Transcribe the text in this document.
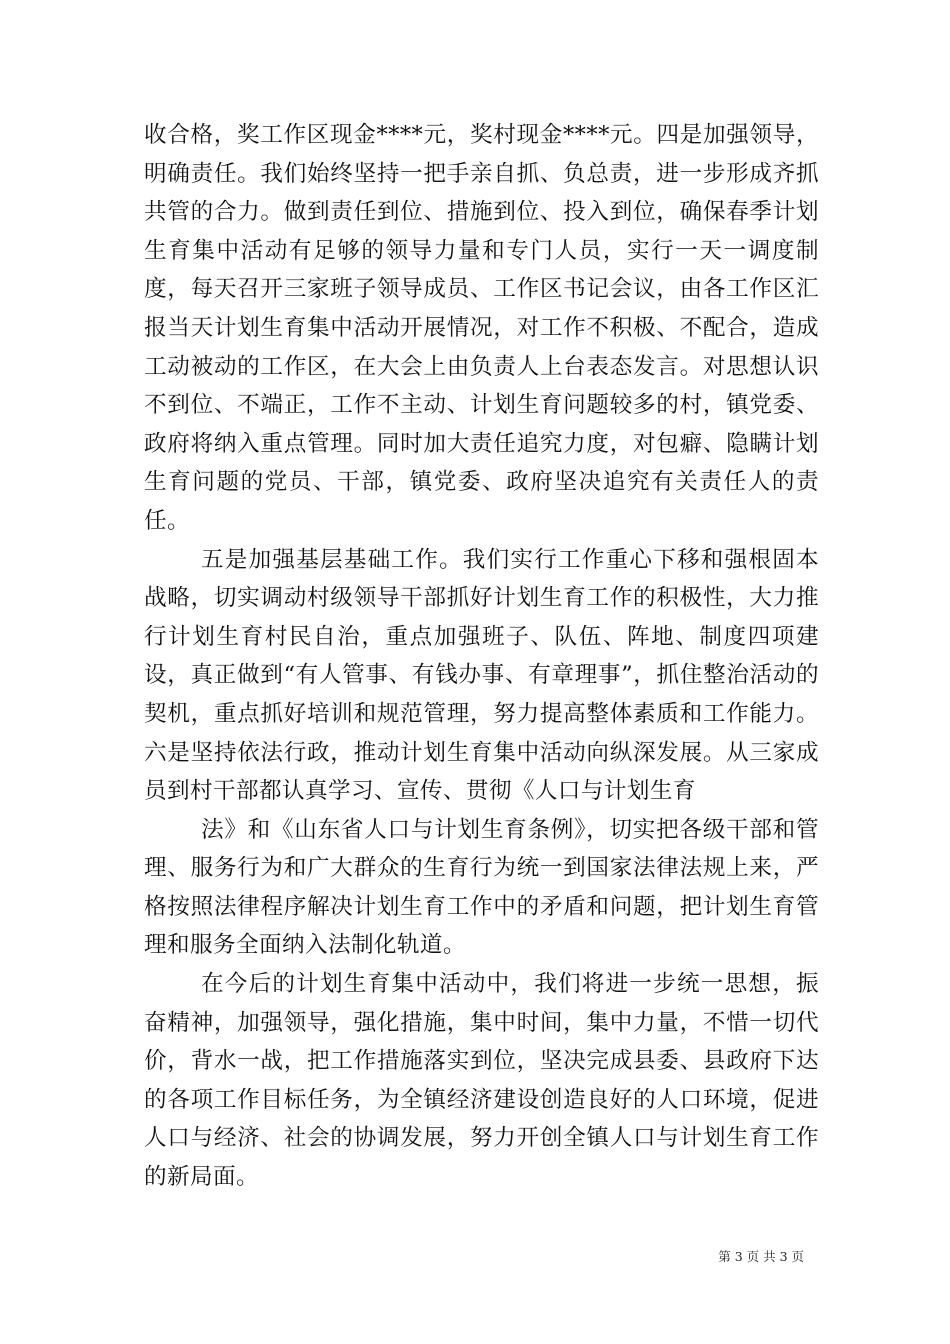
收合格，奖工作区现金****元，奖村现金****元。四是加强领导，明确责任。我们始终坚持一把手亲自抓、负总责，进一步形成齐抓共管的合力。做到责任到位、措施到位、投入到位，确保春季计划生育集中活动有足够的领导力量和专门人员，实行一天一调度制度，每天召开三家班子领导成员、工作区书记会议，由各工作区汇报当天计划生育集中活动开展情况，对工作不积极、不配合，造成工动被动的工作区，在大会上由负责人上台表态发言。对思想认识不到位、不端正，工作不主动、计划生育问题较多的村，镇党委、政府将纳入重点管理。同时加大责任追究力度，对包癖、隐瞒计划生育问题的党员、干部，镇党委、政府坚决追究有关责任人的责任。

五是加强基层基础工作。我们实行工作重心下移和强根固本战略，切实调动村级领导干部抓好计划生育工作的积极性，大力推行计划生育村民自治，重点加强班子、队伍、阵地、制度四项建设，真正做到“有人管事、有钱办事、有章理事”，抓住整治活动的契机，重点抓好培训和规范管理，努力提高整体素质和工作能力。六是坚持依法行政，推动计划生育集中活动向纵深发展。从三家成员到村干部都认真学习、宣传、贯彻《人口与计划生育

法》和《山东省人口与计划生育条例》，切实把各级干部和管理、服务行为和广大群众的生育行为统一到国家法律法规上来，严格按照法律程序解决计划生育工作中的矛盾和问题，把计划生育管理和服务全面纳入法制化轨道。

在今后的计划生育集中活动中，我们将进一步统一思想，振奋精神，加强领导，强化措施，集中时间，集中力量，不惜一切代价，背水一战，把工作措施落实到位，坚决完成县委、县政府下达的各项工作目标任务，为全镇经济建设创造良好的人口环境，促进人口与经济、社会的协调发展，努力开创全镇人口与计划生育工作的新局面。

第 3 页 共 3 页
